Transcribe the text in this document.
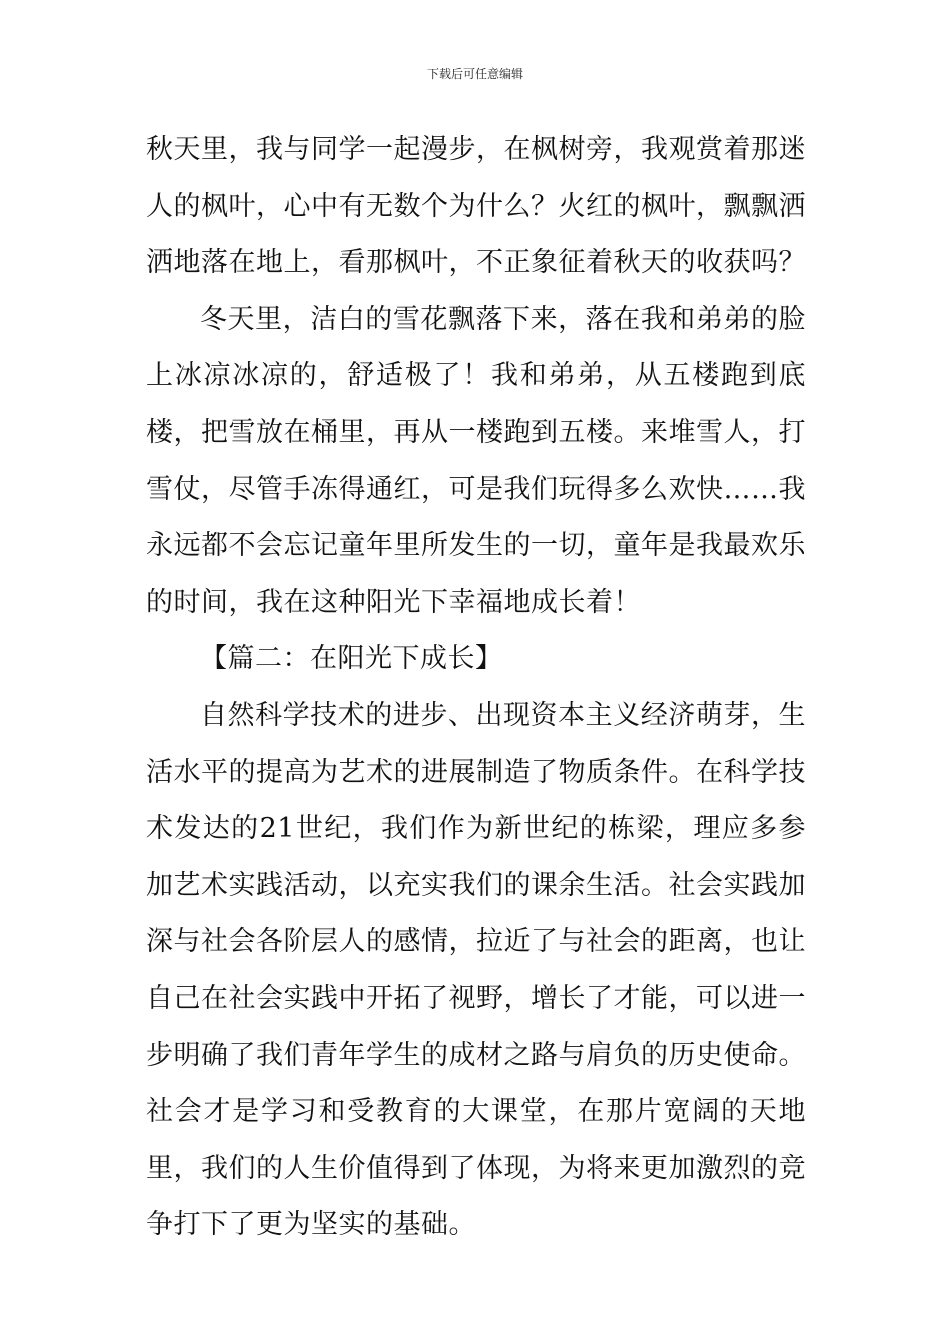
下载后可任意编辑

秋天里，我与同学一起漫步，在枫树旁，我观赏着那迷人的枫叶，心中有无数个为什么？火红的枫叶，飘飘洒洒地落在地上，看那枫叶，不正象征着秋天的收获吗？

冬天里，洁白的雪花飘落下来，落在我和弟弟的脸上冰凉冰凉的，舒适极了！我和弟弟，从五楼跑到底楼，把雪放在桶里，再从一楼跑到五楼。来堆雪人，打雪仗，尽管手冻得通红，可是我们玩得多么欢快……我永远都不会忘记童年里所发生的一切，童年是我最欢乐的时间，我在这种阳光下幸福地成长着！

【篇二：在阳光下成长】

自然科学技术的进步、出现资本主义经济萌芽，生活水平的提高为艺术的进展制造了物质条件。在科学技术发达的21世纪，我们作为新世纪的栋梁，理应多参加艺术实践活动，以充实我们的课余生活。社会实践加深与社会各阶层人的感情，拉近了与社会的距离，也让自己在社会实践中开拓了视野，增长了才能，可以进一步明确了我们青年学生的成材之路与肩负的历史使命。社会才是学习和受教育的大课堂，在那片宽阔的天地里，我们的人生价值得到了体现，为将来更加激烈的竞争打下了更为坚实的基础。
